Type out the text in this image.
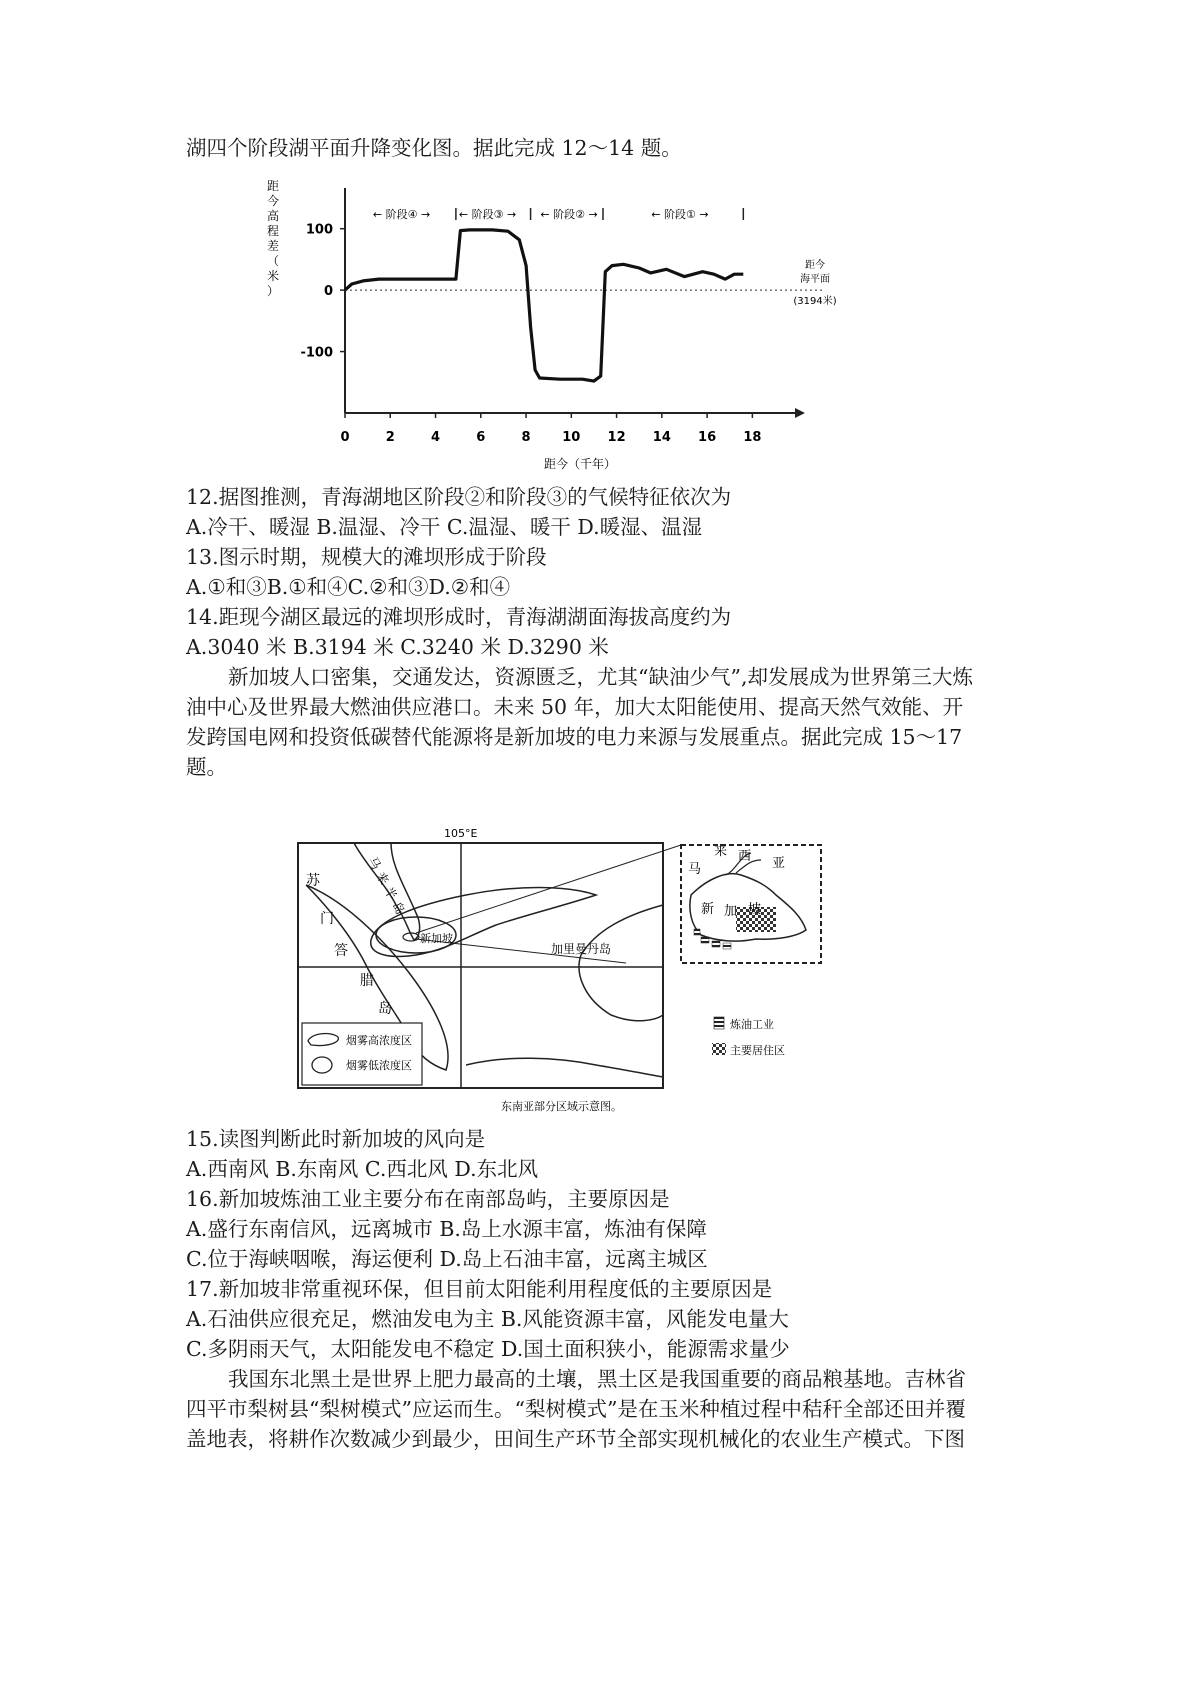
湖四个阶段湖平面升降变化图。据此完成 12～14 题。
0	2	4	6	8 10 12 14 16 18
100
0
-100
距
今
高
程
差
（
米
）
距今（千年）
← 阶段④ →	← 阶段③ → ← 阶段② →	← 阶段① →
距今
海平面
(3194米)
12.据图推测，青海湖地区阶段②和阶段③的气候特征依次为
A.冷干、暖湿 B.温湿、冷干 C.温湿、暖干 D.暖湿、温湿
13.图示时期，规模大的滩坝形成于阶段
A.①和③B.①和④C.②和③D.②和④
14.距现今湖区最远的滩坝形成时，青海湖湖面海拔高度约为
A.3040 米 B.3194 米 C.3240 米 D.3290 米
新加坡人口密集，交通发达，资源匮乏，尤其“缺油少气”,却发展成为世界第三大炼
油中心及世界最大燃油供应港口。未来 50 年，加大太阳能使用、提高天然气效能、开
发跨国电网和投资低碳替代能源将是新加坡的电力来源与发展重点。据此完成 15～17
题。
105°E
马
来
半
岛
苏
门
答
腊
岛
新加坡
加里曼丹岛
烟雾高浓度区
烟雾低浓度区
东南亚部分区域示意图。
马
来 西 亚
新 加 坡
炼油工业
主要居住区
15.读图判断此时新加坡的风向是
A.西南风 B.东南风 C.西北风 D.东北风
16.新加坡炼油工业主要分布在南部岛屿，主要原因是
A.盛行东南信风，远离城市 B.岛上水源丰富，炼油有保障
C.位于海峡咽喉，海运便利 D.岛上石油丰富，远离主城区
17.新加坡非常重视环保，但目前太阳能利用程度低的主要原因是
A.石油供应很充足，燃油发电为主 B.风能资源丰富，风能发电量大
C.多阴雨天气，太阳能发电不稳定 D.国土面积狭小，能源需求量少
我国东北黑土是世界上肥力最高的土壤，黑土区是我国重要的商品粮基地。吉林省
四平市梨树县“梨树模式”应运而生。“梨树模式”是在玉米种植过程中秸秆全部还田并覆
盖地表，将耕作次数减少到最少，田间生产环节全部实现机械化的农业生产模式。下图
